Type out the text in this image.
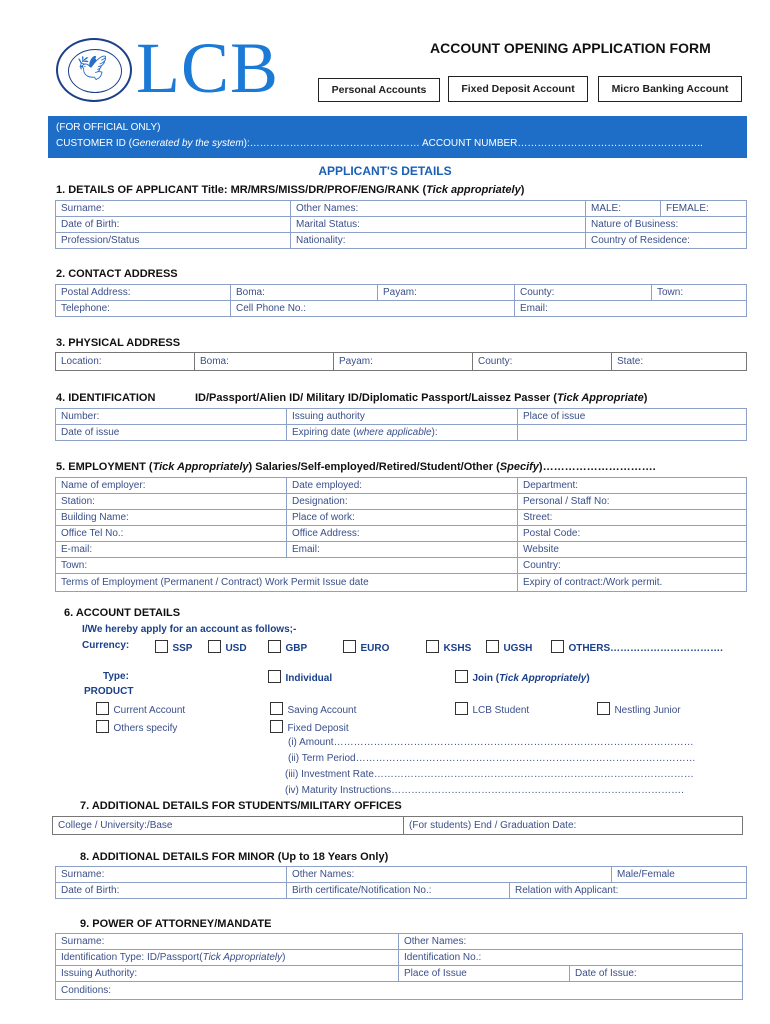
🕊 LCB	ACCOUNT OPENING APPLICATION FORM
Personal Accounts	Fixed Deposit Account	Micro Banking Account
(FOR OFFICIAL ONLY)
CUSTOMER ID (Generated by the system):…………………………………………… ACCOUNT NUMBER………………………………………………..
APPLICANT'S DETAILS
1. DETAILS OF APPLICANT Title: MR/MRS/MISS/DR/PROF/ENG/RANK (Tick appropriately)
Surname:	Other Names:	MALE:	FEMALE:
Date of Birth:	Marital Status:	Nature of Business:	
Profession/Status	Nationality:	Country of Residence:	
2. CONTACT ADDRESS
Postal Address:	Boma:	Payam:	County:	Town:
Telephone:	Cell Phone No.:		Email:	
3. PHYSICAL ADDRESS
Location:	Boma:	Payam:	County:	State:
4. IDENTIFICATION	ID/Passport/Alien ID/ Military ID/Diplomatic Passport/Laissez Passer (Tick Appropriate)
Number:	Issuing authority	Place of issue
Date of issue	Expiring date (where applicable):	
5. EMPLOYMENT (Tick Appropriately) Salaries/Self-employed/Retired/Student/Other (Specify)………………………….
Name of employer:	Date employed:	Department:
Station:	Designation:	Personal / Staff No:
Building Name:	Place of work:	Street:
Office Tel No.:	Office Address:	Postal Code:
E-mail:	Email:	Website
Town:		Country:
Terms of Employment (Permanent / Contract) Work Permit Issue date		Expiry of contract:/Work permit.
6. ACCOUNT DETAILS
I/We hereby apply for an account as follows;-
Currency:	SSP	USD	GBP	EURO	KSHS	UGSH	OTHERS…………………………….
Type:	Individual	Join (Tick Appropriately)
PRODUCT
Current Account	Saving Account	LCB Student	Nestling Junior
Others specify	Fixed Deposit
(i) Amount………………………………………………………………………………………………
(ii) Term Period…………………………………………………………………………………………
(iii) Investment Rate……………………………………………………………………………………
(iv) Maturity Instructions…………………………………………………………………………….
7. ADDITIONAL DETAILS FOR STUDENTS/MILITARY OFFICES
College / University:/Base	(For students) End / Graduation Date:
8. ADDITIONAL DETAILS FOR MINOR (Up to 18 Years Only)
Surname:	Other Names:		Male/Female
Date of Birth:	Birth certificate/Notification No.:	Relation with Applicant:	
9. POWER OF ATTORNEY/MANDATE
Surname:	Other Names:	
Identification Type: ID/Passport(Tick Appropriately)	Identification No.:	
Issuing Authority:	Place of Issue	Date of Issue:
Conditions:		
